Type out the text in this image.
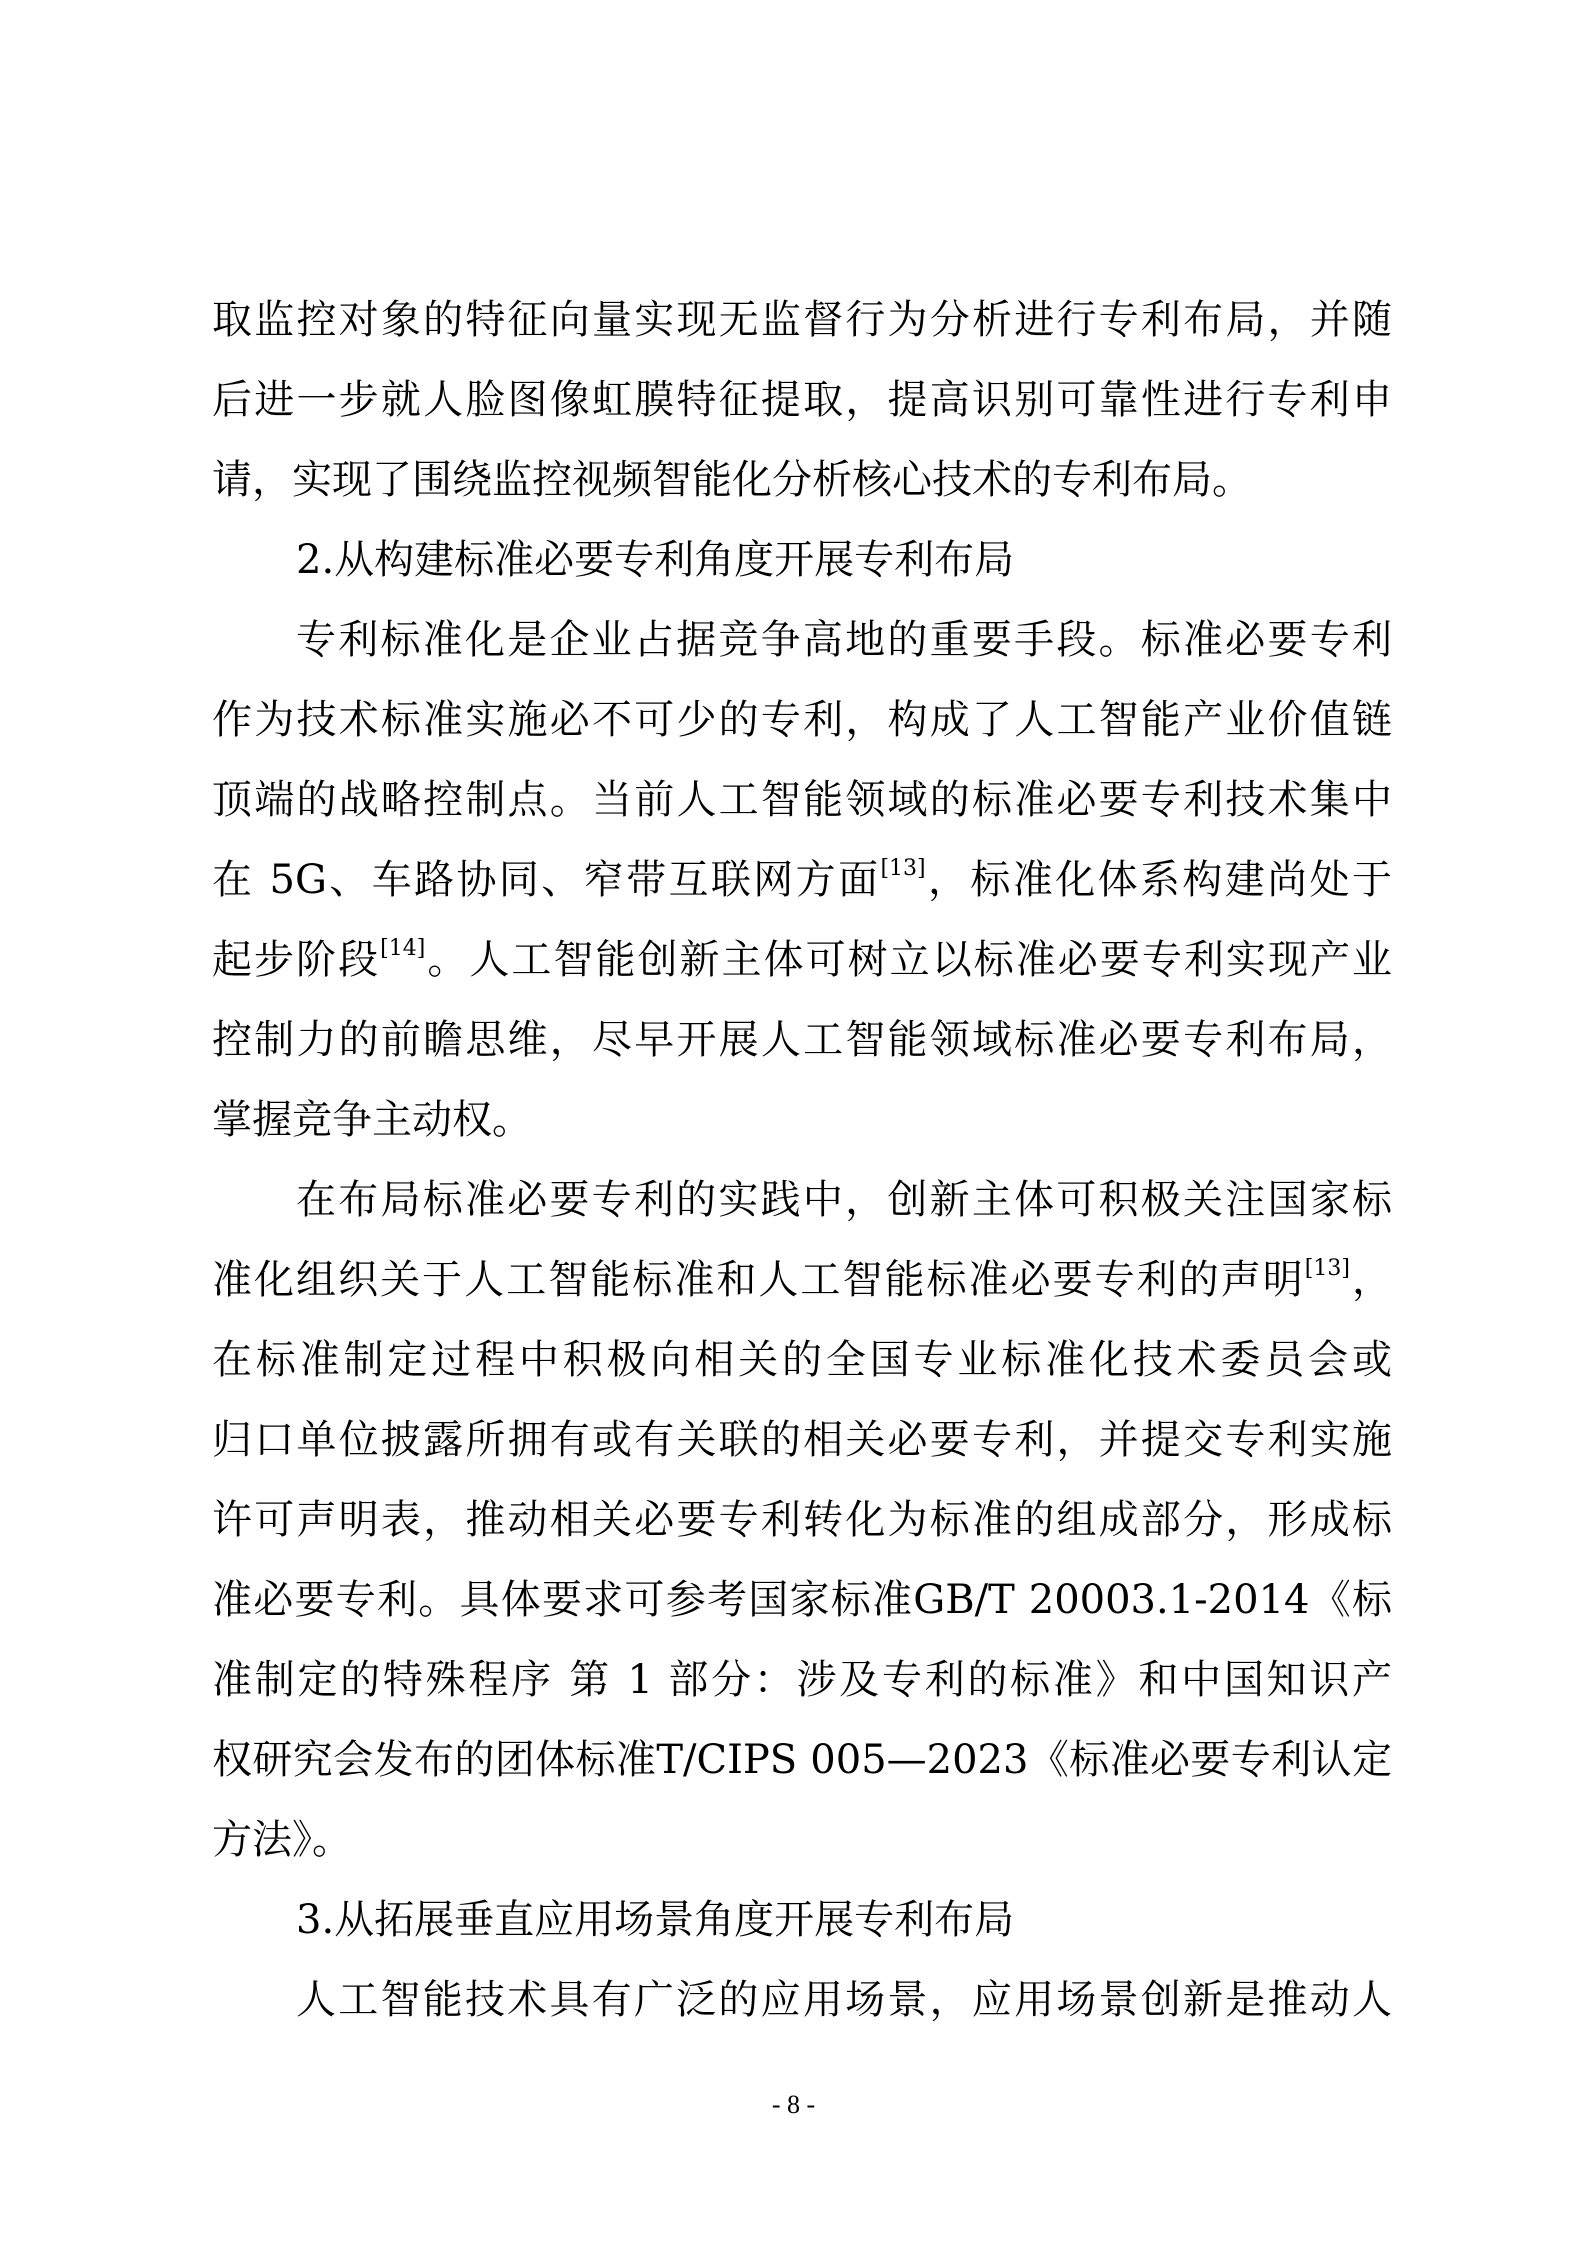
取监控对象的特征向量实现无监督行为分析进行专利布局，并随
后进一步就人脸图像虹膜特征提取，提高识别可靠性进行专利申
请，实现了围绕监控视频智能化分析核心技术的专利布局。
2.从构建标准必要专利角度开展专利布局
专利标准化是企业占据竞争高地的重要手段。标准必要专利
作为技术标准实施必不可少的专利，构成了人工智能产业价值链
顶端的战略控制点。当前人工智能领域的标准必要专利技术集中
在 5G、车路协同、窄带互联网方面[13]，标准化体系构建尚处于
起步阶段[14]。人工智能创新主体可树立以标准必要专利实现产业
控制力的前瞻思维，尽早开展人工智能领域标准必要专利布局，
掌握竞争主动权。
在布局标准必要专利的实践中，创新主体可积极关注国家标
准化组织关于人工智能标准和人工智能标准必要专利的声明[13]，
在标准制定过程中积极向相关的全国专业标准化技术委员会或
归口单位披露所拥有或有关联的相关必要专利，并提交专利实施
许可声明表，推动相关必要专利转化为标准的组成部分，形成标
准必要专利。具体要求可参考国家标准GB/T 20003.1-2014《标
准制定的特殊程序 第 1 部分：涉及专利的标准》和中国知识产
权研究会发布的团体标准T/CIPS 005—2023《标准必要专利认定
方法》。
3.从拓展垂直应用场景角度开展专利布局
人工智能技术具有广泛的应用场景，应用场景创新是推动人
- 8 -
